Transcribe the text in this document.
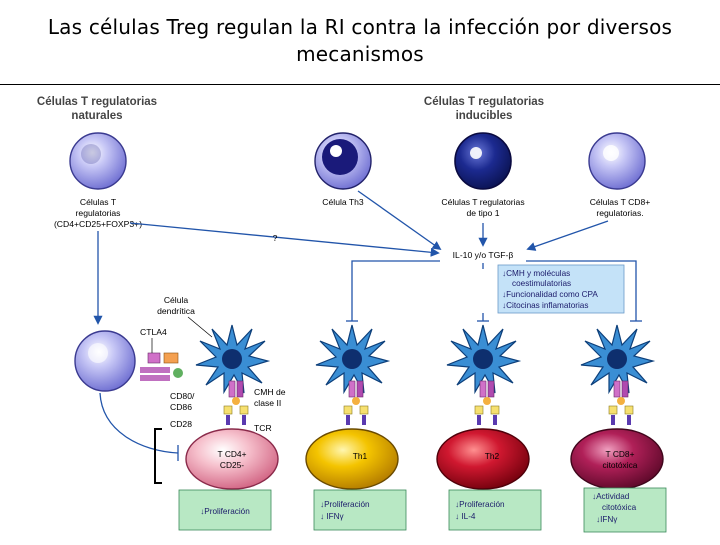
Las células Treg regulan la RI contra la infección por diversos
mecanismos
Células T regulatorias
naturales
Células T regulatorias
inducibles
Células T
regulatorias
(CD4+CD25+FOXP3+)
Célula Th3	Células T regulatorias
de tipo 1
Células T CD8+
regulatorias.
?
IL-10 y/o TGF-β
↓CMH y moléculas
coestimulatorias
↓Funcionalidad como CPA
↓Citocinas inflamatorias
Célula
dendrítica
CTLA4
CD80/
CD86
CD28
CMH de
clase II
TCR
T CD4+
CD25-
Th1	Th2	T CD8+
citotóxica
↓Proliferación
↓Proliferación
↓ IFNγ
↓Proliferación
↓ IL-4
↓Actividad
citotóxica
↓IFNγ
